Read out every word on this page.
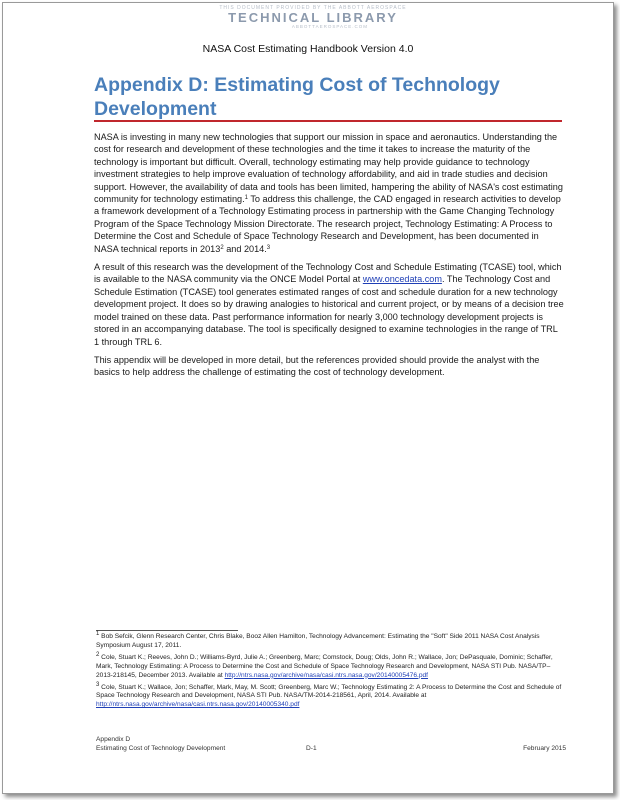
THIS DOCUMENT PROVIDED BY THE ABBOTT AEROSPACE
TECHNICAL LIBRARY
ABBOTTAEROSPACE.COM
NASA Cost Estimating Handbook Version 4.0
Appendix D: Estimating Cost of Technology Development

NASA is investing in many new technologies that support our mission in space and aeronautics. Understanding the cost for research and development of these technologies and the time it takes to increase the maturity of the technology is important but difficult. Overall, technology estimating may help provide guidance to technology investment strategies to help improve evaluation of technology affordability, and aid in trade studies and decision support. However, the availability of data and tools has been limited, hampering the ability of NASA's cost estimating community for technology estimating.$^1$ To address this challenge, the CAD engaged in research activities to develop a framework development of a Technology Estimating process in partnership with the Game Changing Technology Program of the Space Technology Mission Directorate. The research project, Technology Estimating: A Process to Determine the Cost and Schedule of Space Technology Research and Development, has been documented in NASA technical reports in 2013$^2$ and 2014.$^3$

A result of this research was the development of the Technology Cost and Schedule Estimating (TCASE) tool, which is available to the NASA community via the ONCE Model Portal at www.oncedata.com. The Technology Cost and Schedule Estimation (TCASE) tool generates estimated ranges of cost and schedule duration for a new technology development project. It does so by drawing analogies to historical and current project, or by means of a decision tree model trained on these data. Past performance information for nearly 3,000 technology development projects is stored in an accompanying database. The tool is specifically designed to examine technologies in the range of TRL 1 through TRL 6.

This appendix will be developed in more detail, but the references provided should provide the analyst with the basics to help address the challenge of estimating the cost of technology development.

$^1$ Bob Sefcik, Glenn Research Center, Chris Blake, Booz Allen Hamilton, Technology Advancement: Estimating the "Soft" Side 2011 NASA Cost Analysis Symposium August 17, 2011.
$^2$ Cole, Stuart K.; Reeves, John D.; Williams-Byrd, Julie A.; Greenberg, Marc; Comstock, Doug; Olds, John R.; Wallace, Jon; DePasquale, Dominic; Schaffer, Mark, Technology Estimating: A Process to Determine the Cost and Schedule of Space Technology Research and Development, NASA STI Pub. NASA/TP–2013-218145, December 2013. Available at http://ntrs.nasa.gov/archive/nasa/casi.ntrs.nasa.gov/20140005476.pdf
$^3$ Cole, Stuart K.; Wallace, Jon; Schaffer, Mark, May, M. Scott; Greenberg, Marc W.; Technology Estimating 2: A Process to Determine the Cost and Schedule of Space Technology Research and Development, NASA STI Pub. NASA/TM-2014-218561, April, 2014. Available at http://ntrs.nasa.gov/archive/nasa/casi.ntrs.nasa.gov/20140005340.pdf
Appendix D
Estimating Cost of Technology Development	D-1	February 2015
